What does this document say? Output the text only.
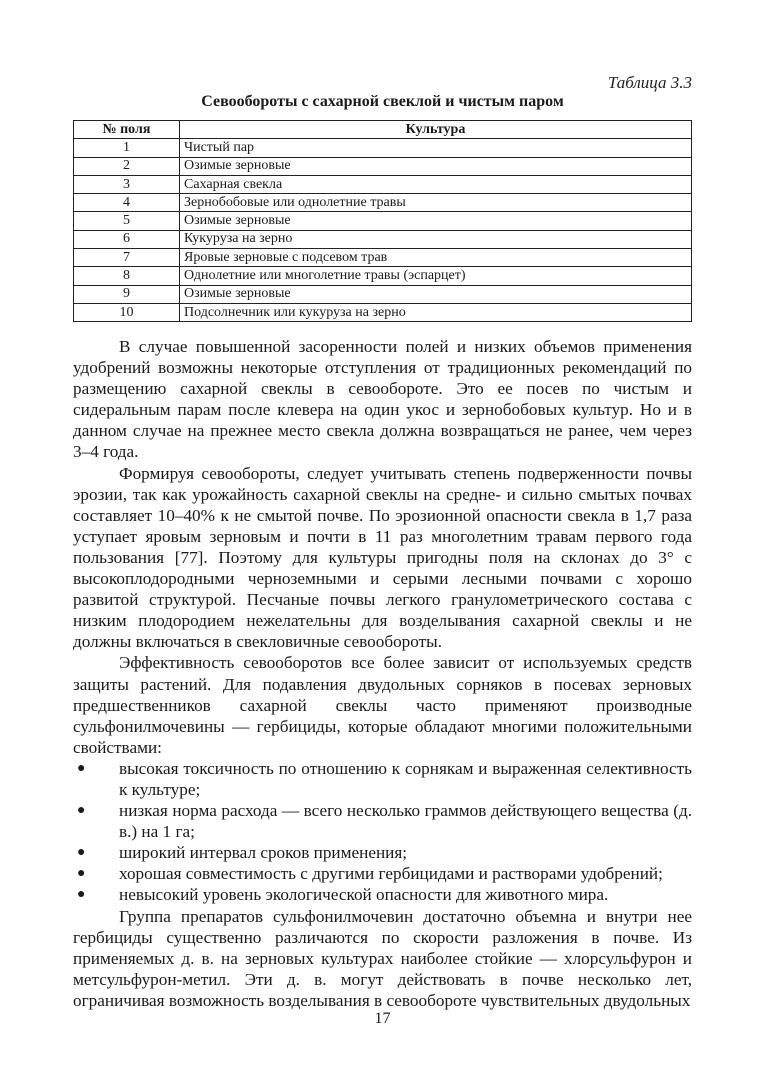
Таблица 3.3
Севообороты с сахарной свеклой и чистым паром
№ поля	Культура
1	Чистый пар
2	Озимые зерновые
3	Сахарная свекла
4	Зернобобовые или однолетние травы
5	Озимые зерновые
6	Кукуруза на зерно
7	Яровые зерновые с подсевом трав
8	Однолетние или многолетние травы (эспарцет)
9	Озимые зерновые
10	Подсолнечник или кукуруза на зерно

В случае повышенной засоренности полей и низких объемов применения удобрений возможны некоторые отступления от традиционных рекомендаций по размещению сахарной свеклы в севообороте. Это ее посев по чистым и сидеральным парам после клевера на один укос и зернобобовых культур. Но и в данном случае на прежнее место свекла должна возвращаться не ранее, чем через 3–4 года.

Формируя севообороты, следует учитывать степень подверженности почвы эрозии, так как урожайность сахарной свеклы на средне- и сильно смытых почвах составляет 10–40% к не смытой почве. По эрозионной опасности свекла в 1,7 раза уступает яровым зерновым и почти в 11 раз многолетним травам первого года пользования [77]. Поэтому для культуры пригодны поля на склонах до 3° с высокоплодородными черноземными и серыми лесными почвами с хорошо развитой структурой. Песчаные почвы легкого гранулометрического состава с низким плодородием нежелательны для возделывания сахарной свеклы и не должны включаться в свекловичные севообороты.

Эффективность севооборотов все более зависит от используемых средств защиты растений. Для подавления двудольных сорняков в посевах зерновых предшественников сахарной свеклы часто применяют производные сульфонилмочевины — гербициды, которые обладают многими положительными свойствами:

● высокая токсичность по отношению к сорнякам и выраженная селективность к культуре;
● низкая норма расхода — всего несколько граммов действующего вещества (д. в.) на 1 га;
● широкий интервал сроков применения;
● хорошая совместимость с другими гербицидами и растворами удобрений;
● невысокий уровень экологической опасности для животного мира.

Группа препаратов сульфонилмочевин достаточно объемна и внутри нее гербициды существенно различаются по скорости разложения в почве. Из применяемых д. в. на зерновых культурах наиболее стойкие — хлорсульфурон и метсульфурон-метил. Эти д. в. могут действовать в почве несколько лет, ограничивая возможность возделывания в севообороте чувствительных двудольных

17
